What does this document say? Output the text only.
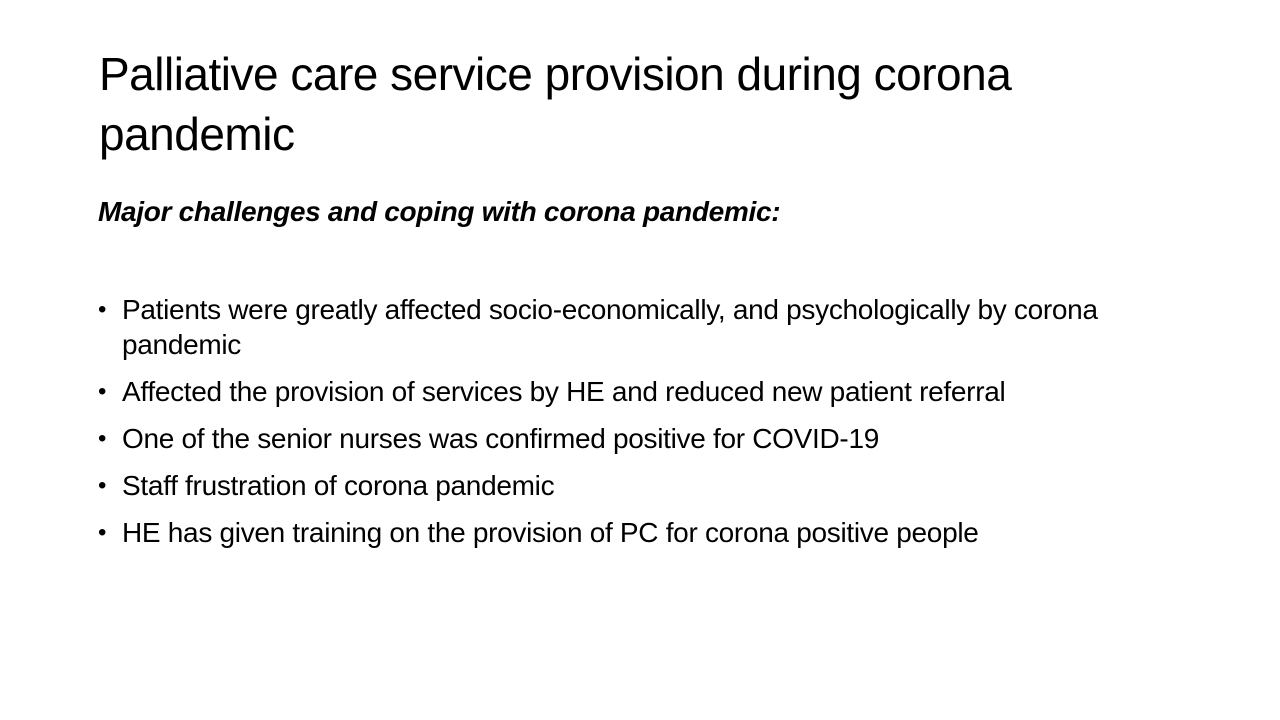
Palliative care service provision during corona pandemic

Major challenges and coping with corona pandemic:

• Patients were greatly affected socio-economically, and psychologically by corona pandemic
• Affected the provision of services by HE and reduced new patient referral
• One of the senior nurses was confirmed positive for COVID-19
• Staff frustration of corona pandemic
• HE has given training on the provision of PC for corona positive people
